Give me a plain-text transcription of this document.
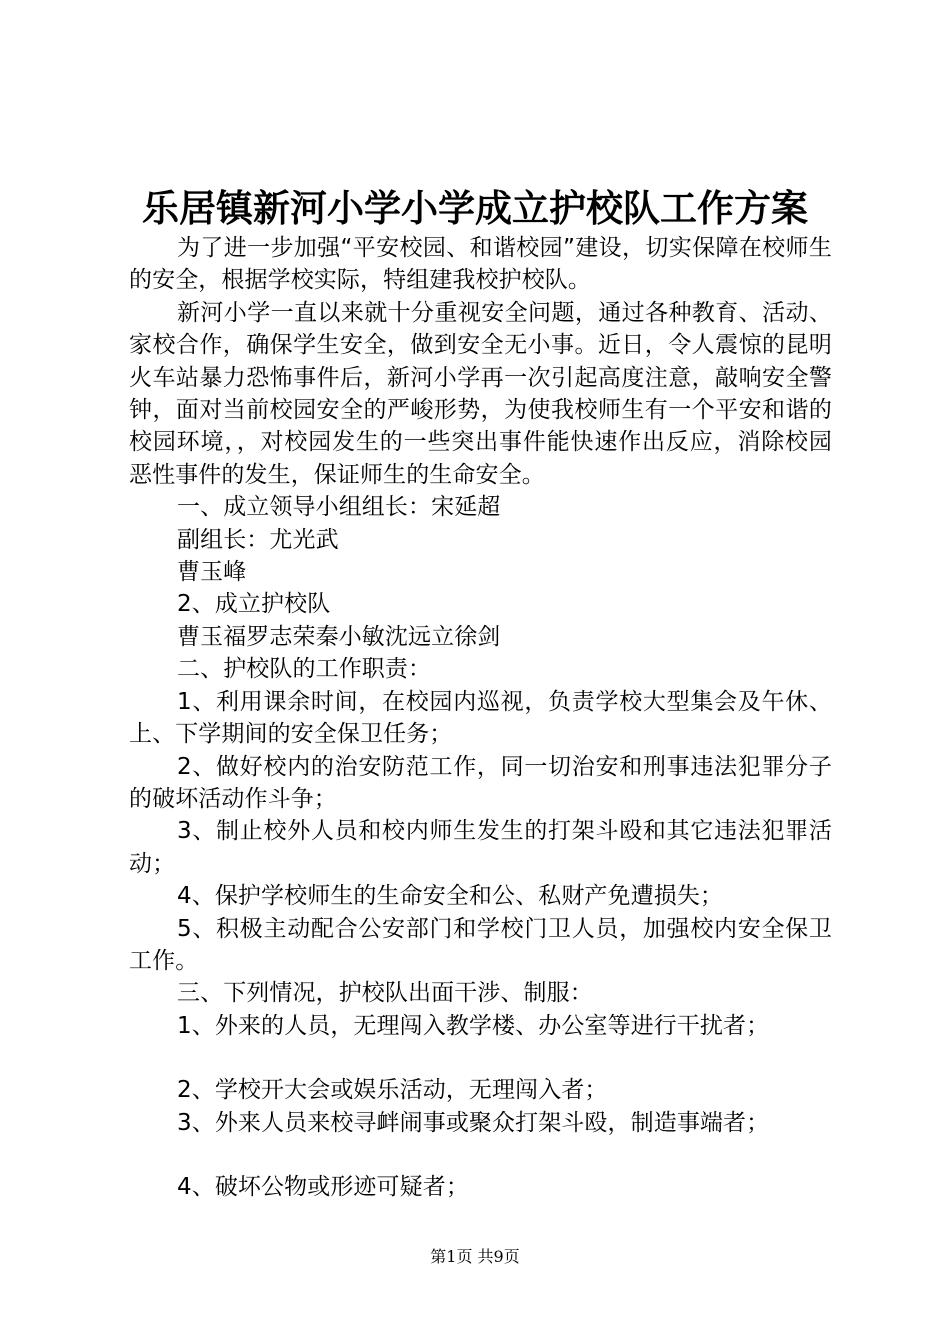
乐居镇新河小学小学成立护校队工作方案

为了进一步加强“平安校园、和谐校园”建设，切实保障在校师生的安全，根据学校实际，特组建我校护校队。

新河小学一直以来就十分重视安全问题，通过各种教育、活动、家校合作，确保学生安全，做到安全无小事。近日，令人震惊的昆明火车站暴力恐怖事件后，新河小学再一次引起高度注意，敲响安全警钟，面对当前校园安全的严峻形势，为使我校师生有一个平安和谐的校园环境，，对校园发生的一些突出事件能快速作出反应，消除校园恶性事件的发生，保证师生的生命安全。

一、成立领导小组组长：宋延超

副组长：尤光武

曹玉峰

2、成立护校队

曹玉福罗志荣秦小敏沈远立徐剑

二、护校队的工作职责：

1、利用课余时间，在校园内巡视，负责学校大型集会及午休、上、下学期间的安全保卫任务；

2、做好校内的治安防范工作，同一切治安和刑事违法犯罪分子的破坏活动作斗争；

3、制止校外人员和校内师生发生的打架斗殴和其它违法犯罪活动；

4、保护学校师生的生命安全和公、私财产免遭损失；

5、积极主动配合公安部门和学校门卫人员，加强校内安全保卫工作。

三、下列情况，护校队出面干涉、制服：

1、外来的人员，无理闯入教学楼、办公室等进行干扰者；

2、学校开大会或娱乐活动，无理闯入者；

3、外来人员来校寻衅闹事或聚众打架斗殴，制造事端者；

4、破坏公物或形迹可疑者；

第1页 共9页
